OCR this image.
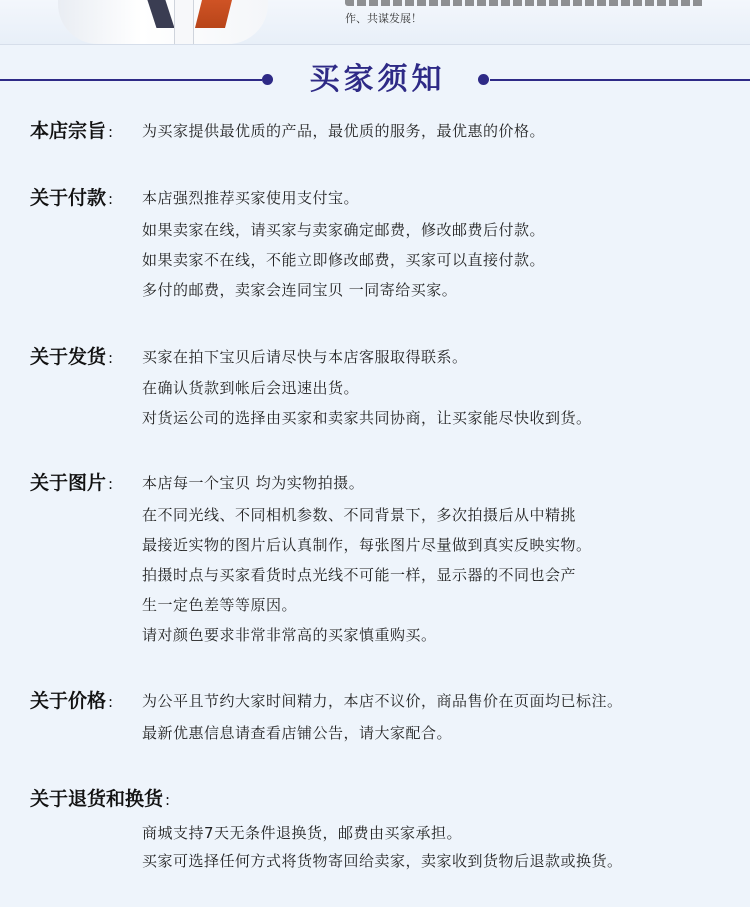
作、共谋发展！
买家须知
本店宗旨 :	为买家提供最优质的产品，最优质的服务，最优惠的价格。
关于付款 :	本店强烈推荐买家使用支付宝。
如果卖家在线，请买家与卖家确定邮费，修改邮费后付款。
如果卖家不在线，不能立即修改邮费，买家可以直接付款。
多付的邮费，卖家会连同宝贝 一同寄给买家。
关于发货 :	买家在拍下宝贝后请尽快与本店客服取得联系。
在确认货款到帐后会迅速出货。
对货运公司的选择由买家和卖家共同协商，让买家能尽快收到货。
关于图片 :	本店每一个宝贝 均为实物拍摄。
在不同光线、不同相机参数、不同背景下，多次拍摄后从中精挑
最接近实物的图片后认真制作，每张图片尽量做到真实反映实物。
拍摄时点与买家看货时点光线不可能一样，显示器的不同也会产
生一定色差等等原因。
请对颜色要求非常非常高的买家慎重购买。
关于价格 :	为公平且节约大家时间精力，本店不议价，商品售价在页面均已标注。
最新优惠信息请查看店铺公告，请大家配合。
关于退货和换货 :
商城支持7天无条件退换货，邮费由买家承担。
买家可选择任何方式将货物寄回给卖家，卖家收到货物后退款或换货。
